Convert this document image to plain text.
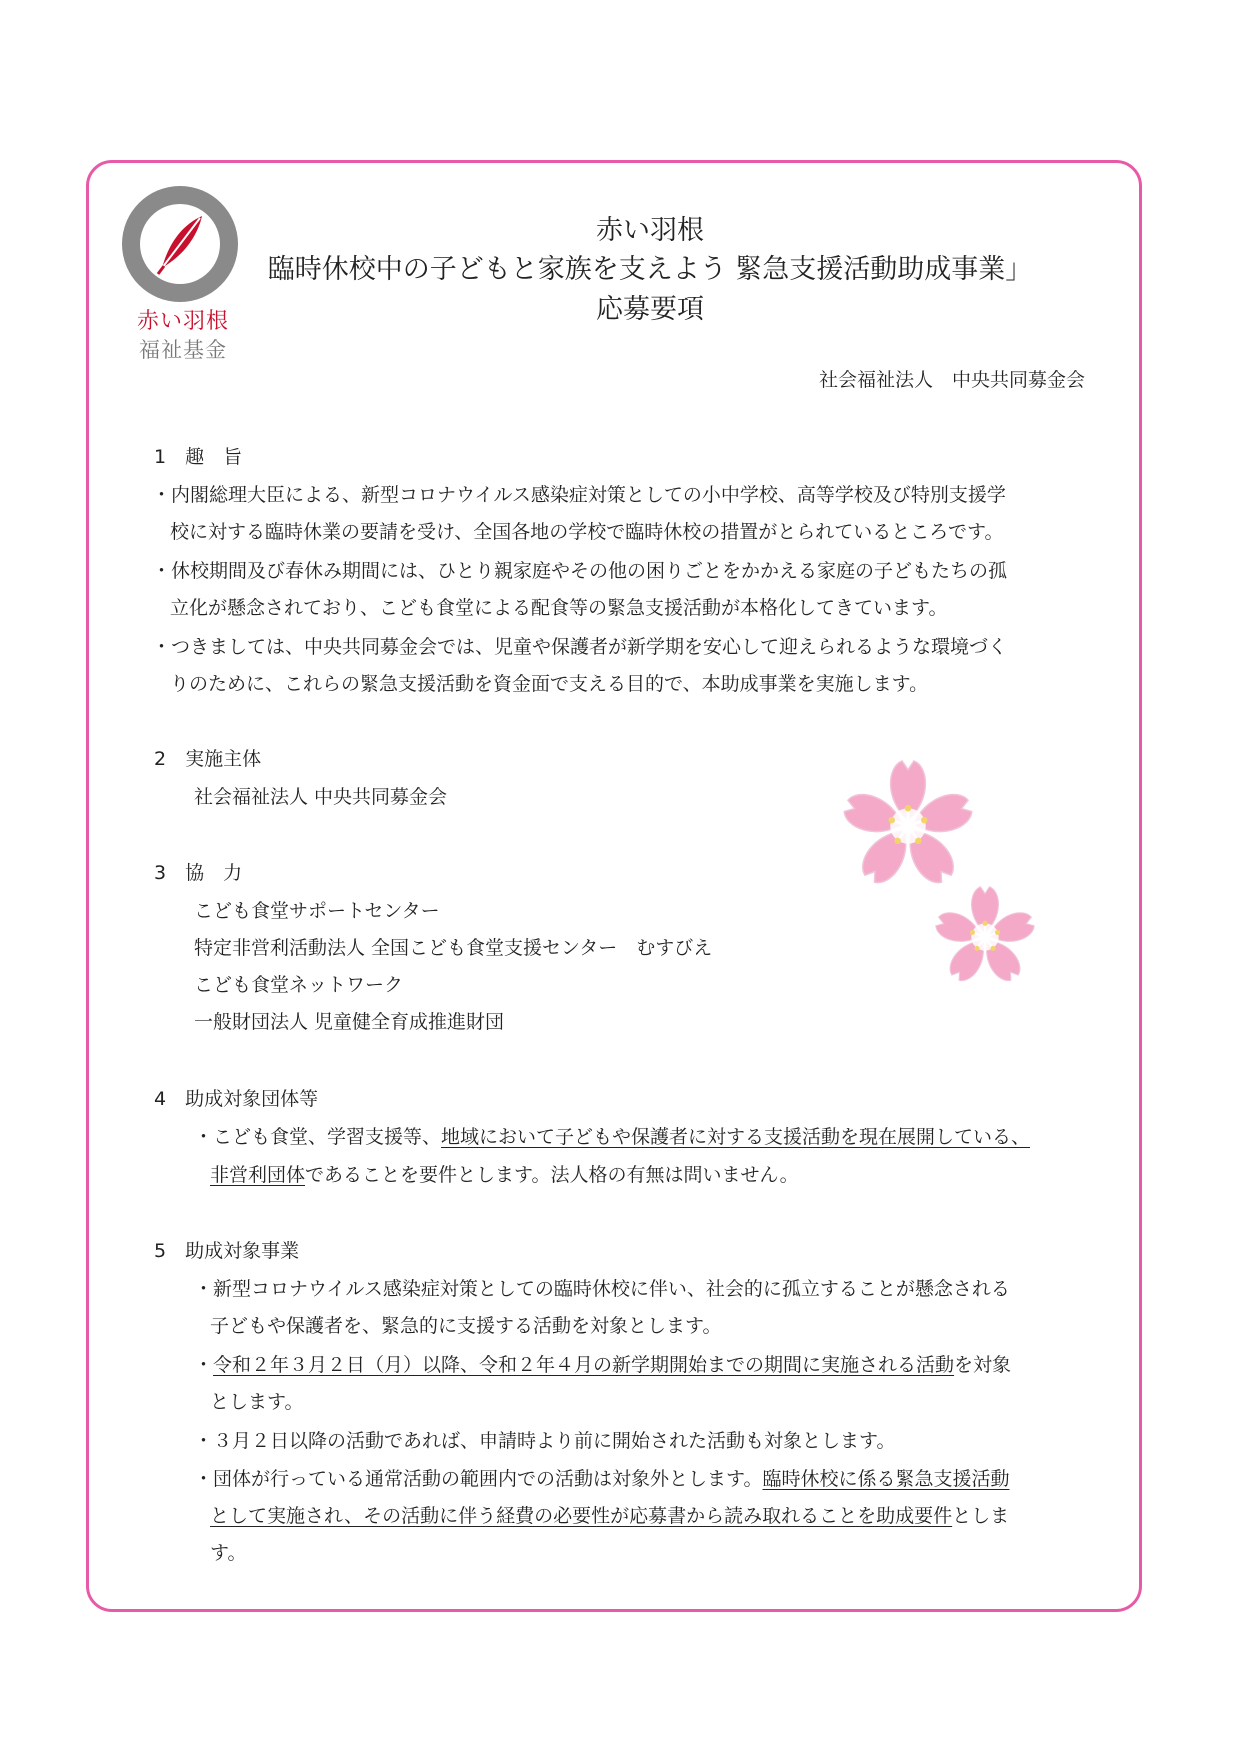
赤い羽根
福祉基金
赤い羽根
臨時休校中の子どもと家族を支えよう 緊急支援活動助成事業」
応募要項
社会福祉法人　中央共同募金会
1　趣　旨
・内閣総理大臣による、新型コロナウイルス感染症対策としての小中学校、高等学校及び特別支援学
校に対する臨時休業の要請を受け、全国各地の学校で臨時休校の措置がとられているところです。
・休校期間及び春休み期間には、ひとり親家庭やその他の困りごとをかかえる家庭の子どもたちの孤
立化が懸念されており、こども食堂による配食等の緊急支援活動が本格化してきています。
・つきましては、中央共同募金会では、児童や保護者が新学期を安心して迎えられるような環境づく
りのために、これらの緊急支援活動を資金面で支える目的で、本助成事業を実施します。
2　実施主体
社会福祉法人 中央共同募金会
3　協　力
こども食堂サポートセンター
特定非営利活動法人 全国こども食堂支援センター　むすびえ
こども食堂ネットワーク
一般財団法人 児童健全育成推進財団
4　助成対象団体等
・こども食堂、学習支援等、地域において子どもや保護者に対する支援活動を現在展開している、
非営利団体であることを要件とします。法人格の有無は問いません。
5　助成対象事業
・新型コロナウイルス感染症対策としての臨時休校に伴い、社会的に孤立することが懸念される
子どもや保護者を、緊急的に支援する活動を対象とします。
・令和２年３月２日（月）以降、令和２年４月の新学期開始までの期間に実施される活動を対象
とします。
・３月２日以降の活動であれば、申請時より前に開始された活動も対象とします。
・団体が行っている通常活動の範囲内での活動は対象外とします。臨時休校に係る緊急支援活動
として実施され、その活動に伴う経費の必要性が応募書から読み取れることを助成要件としま
す。
